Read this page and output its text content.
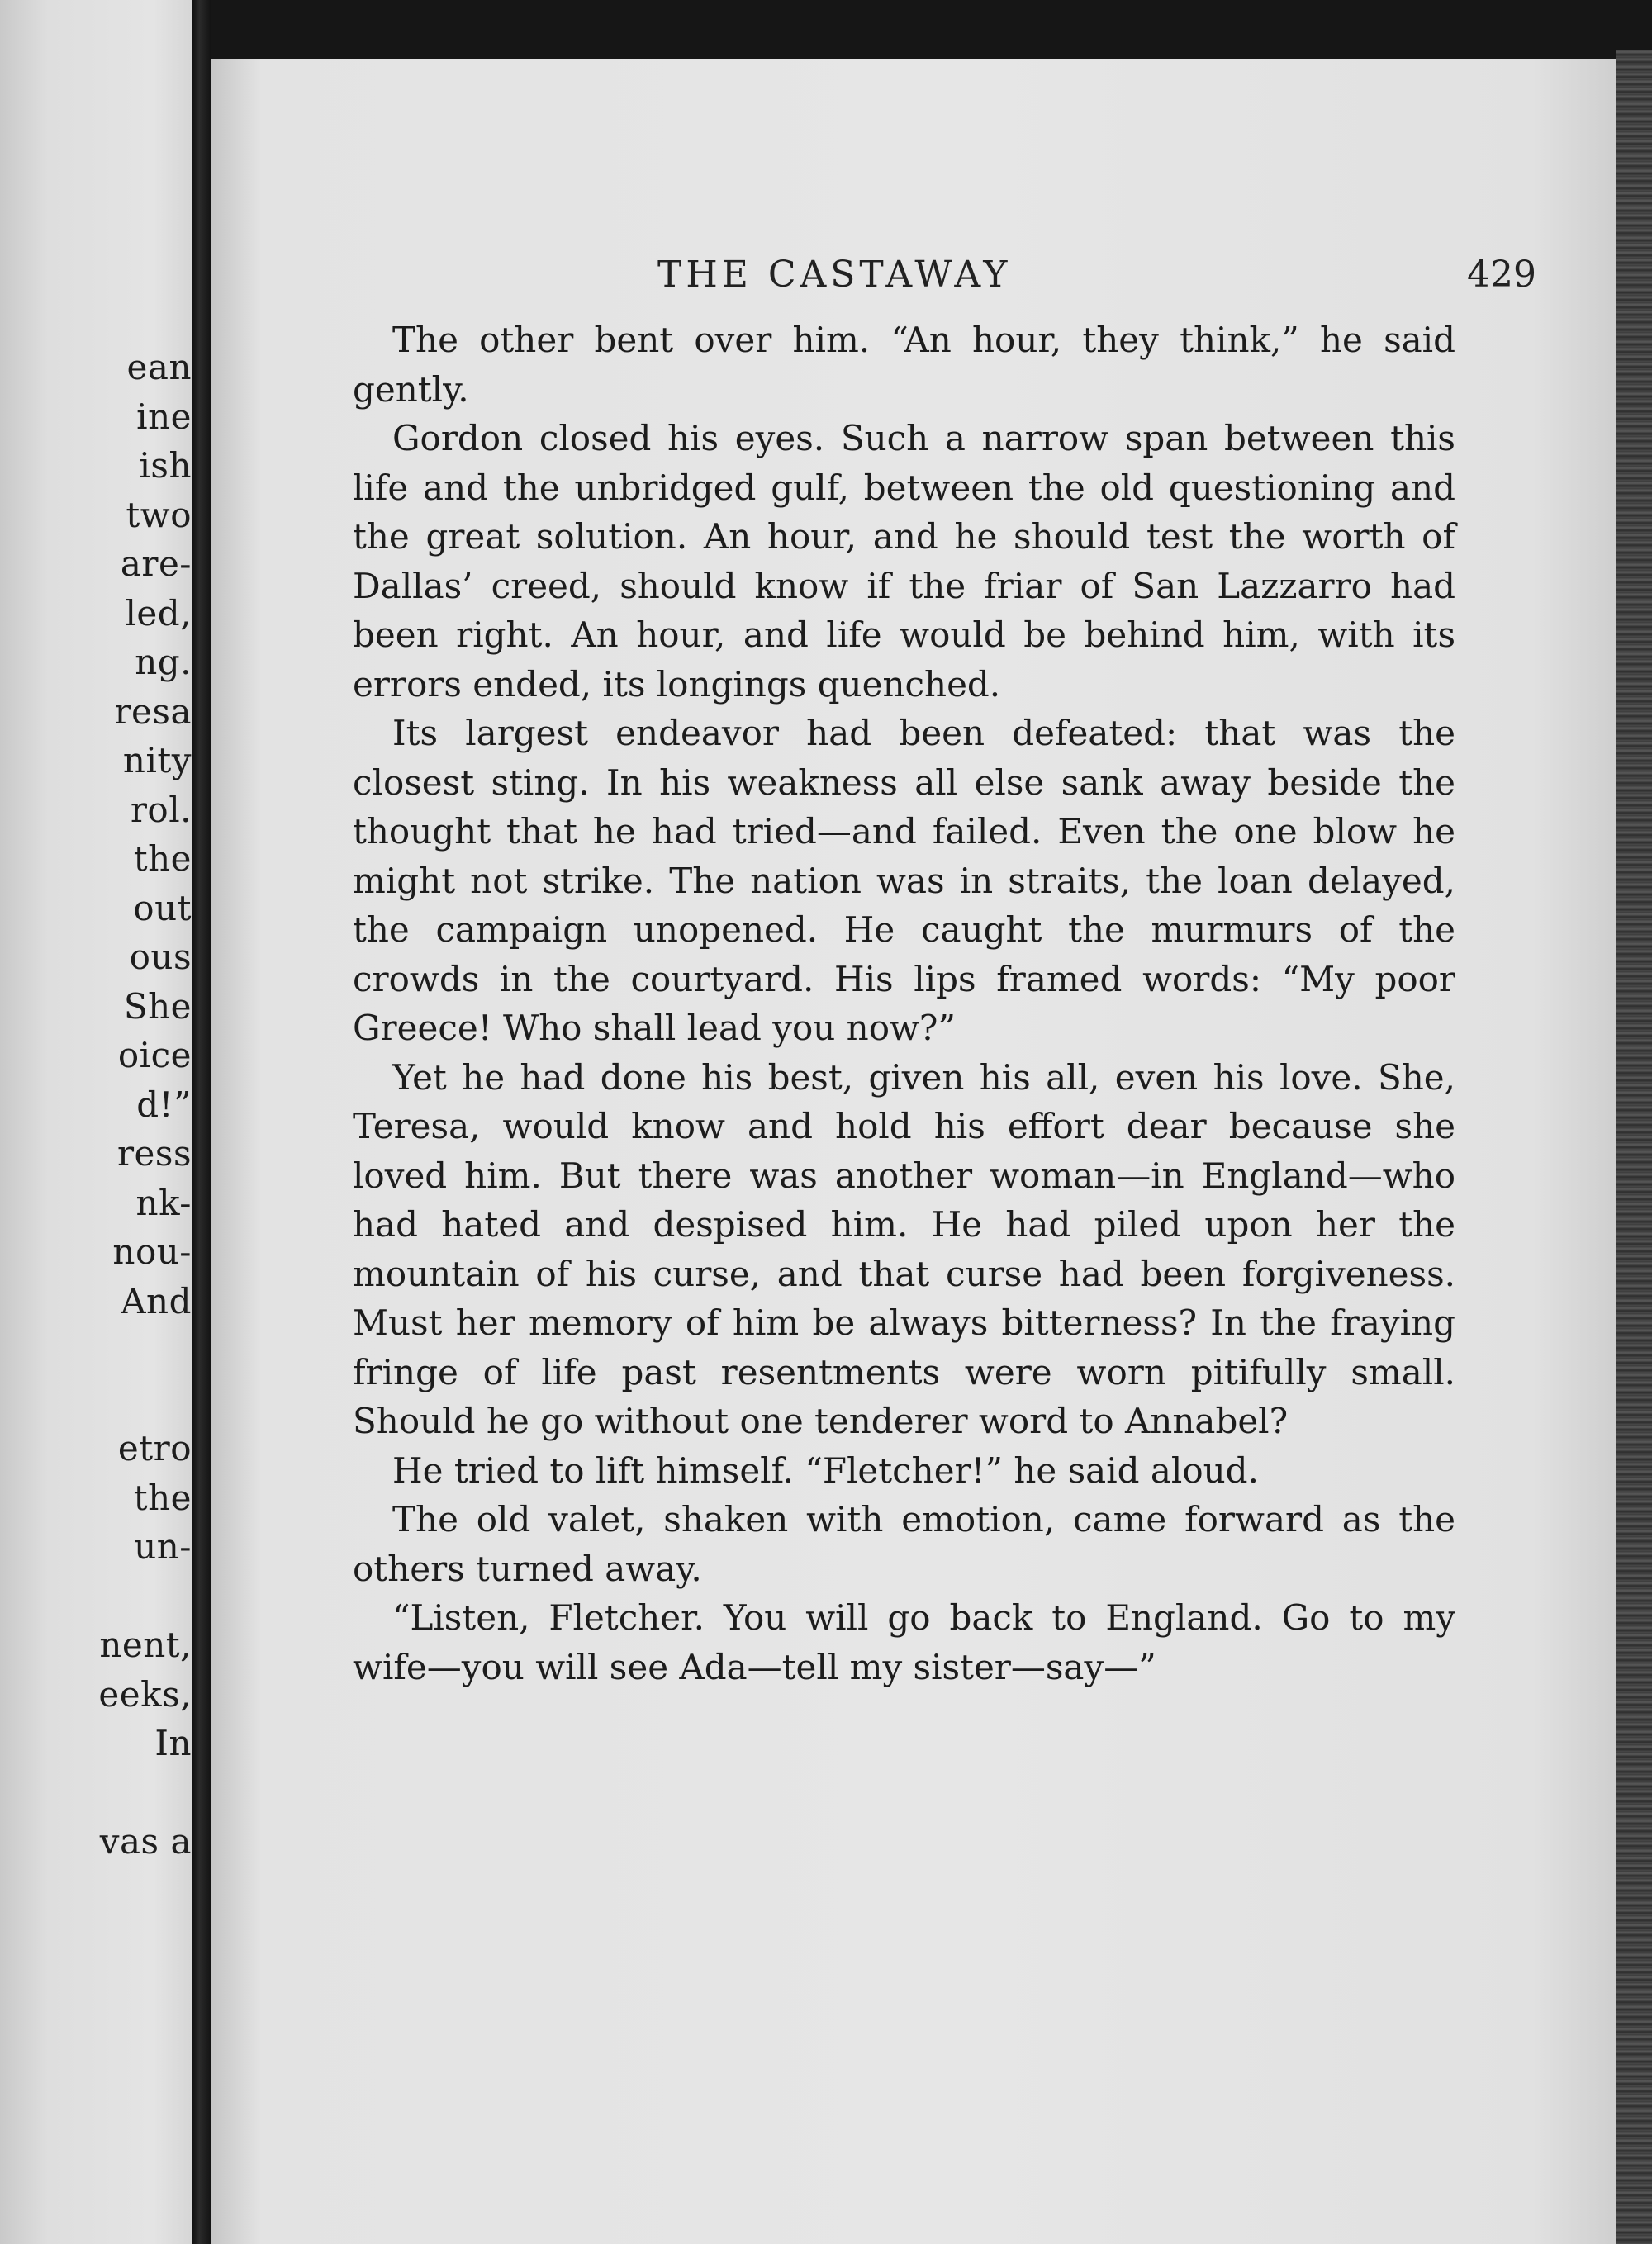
ean
ine
ish
two
are-
led,
ng.
resa
nity
rol.
the
out
ous
She
oice
d!”
ress
nk-
nou-
And
etro
the
un-
nent,
eeks,
In
vas a
THE CASTAWAY	429

The other bent over him. “An hour, they think,” he said gently.

Gordon closed his eyes. Such a narrow span between this life and the unbridged gulf, between the old questioning and the great solution. An hour, and he should test the worth of Dallas’ creed, should know if the friar of San Lazzarro had been right. An hour, and life would be behind him, with its errors ended, its longings quenched.

Its largest endeavor had been defeated: that was the closest sting. In his weakness all else sank away beside the thought that he had tried—and failed. Even the one blow he might not strike. The nation was in straits, the loan delayed, the campaign unopened. He caught the murmurs of the crowds in the courtyard. His lips framed words: “My poor Greece! Who shall lead you now?”

Yet he had done his best, given his all, even his love. She, Teresa, would know and hold his effort dear because she loved him. But there was another woman—in England—who had hated and despised him. He had piled upon her the mountain of his curse, and that curse had been forgiveness. Must her memory of him be always bitterness? In the fraying fringe of life past resentments were worn pitifully small. Should he go without one tenderer word to Annabel?

He tried to lift himself. “Fletcher!” he said aloud.

The old valet, shaken with emotion, came forward as the others turned away.

“Listen, Fletcher. You will go back to England. Go to my wife—you will see Ada—tell my sister—say—”
